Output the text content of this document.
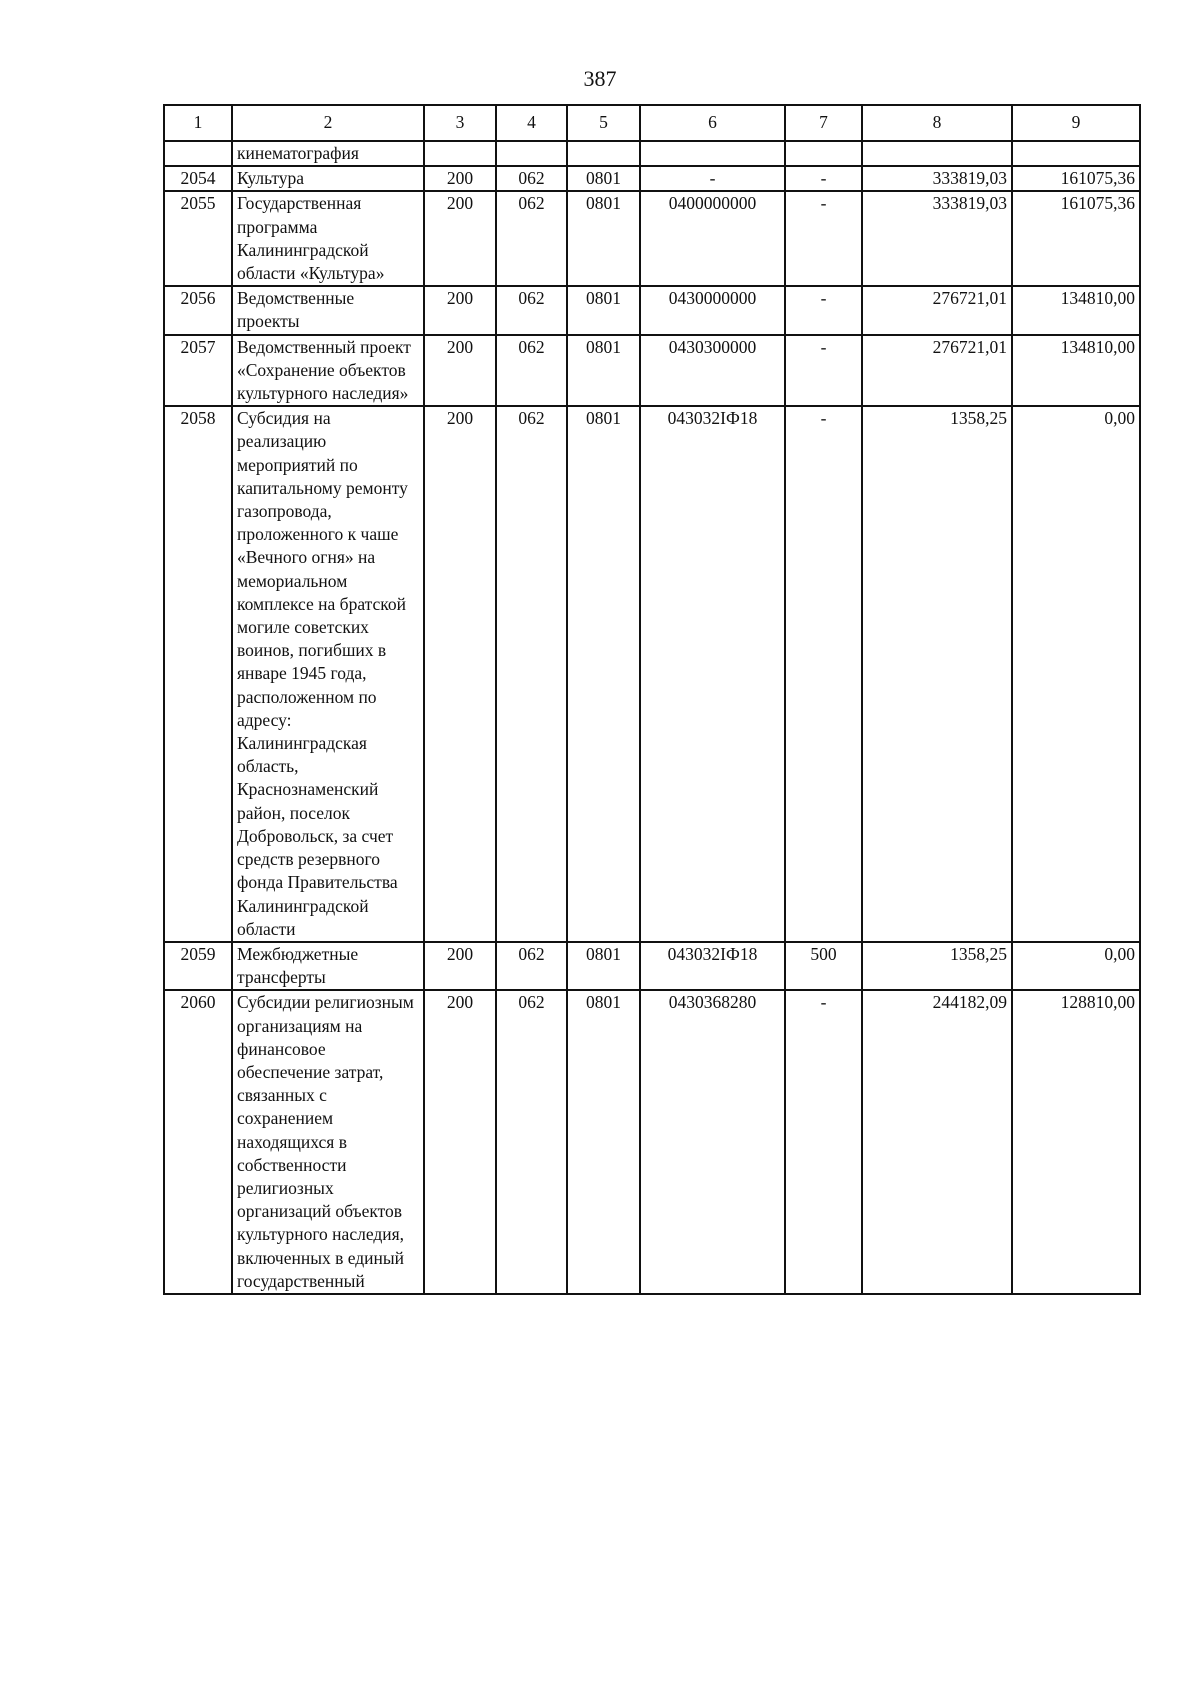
387
1	2	3	4	5	6	7	8	9
	кинематография							
2054	Культура	200	062	0801	-	-	333819,03	161075,36
2055	Государственная программа Калининградской области «Культура»	200	062	0801	0400000000	-	333819,03	161075,36
2056	Ведомственные проекты	200	062	0801	0430000000	-	276721,01	134810,00
2057	Ведомственный проект «Сохранение объектов культурного наследия»	200	062	0801	0430300000	-	276721,01	134810,00
2058	Субсидия на реализацию мероприятий по капитальному ремонту газопровода, проложенного к чаше «Вечного огня» на мемориальном комплексе на братской могиле советских воинов, погибших в январе 1945 года, расположенном по адресу: Калининградская область, Краснознаменский район, поселок Добровольск, за счет средств резервного фонда Правительства Калининградской области	200	062	0801	043032IФ18	-	1358,25	0,00
2059	Межбюджетные трансферты	200	062	0801	043032IФ18	500	1358,25	0,00
2060	Субсидии религиозным организациям на финансовое обеспечение затрат, связанных с сохранением находящихся в собственности религиозных организаций объектов культурного наследия, включенных в единый государственный	200	062	0801	0430368280	-	244182,09	128810,00
